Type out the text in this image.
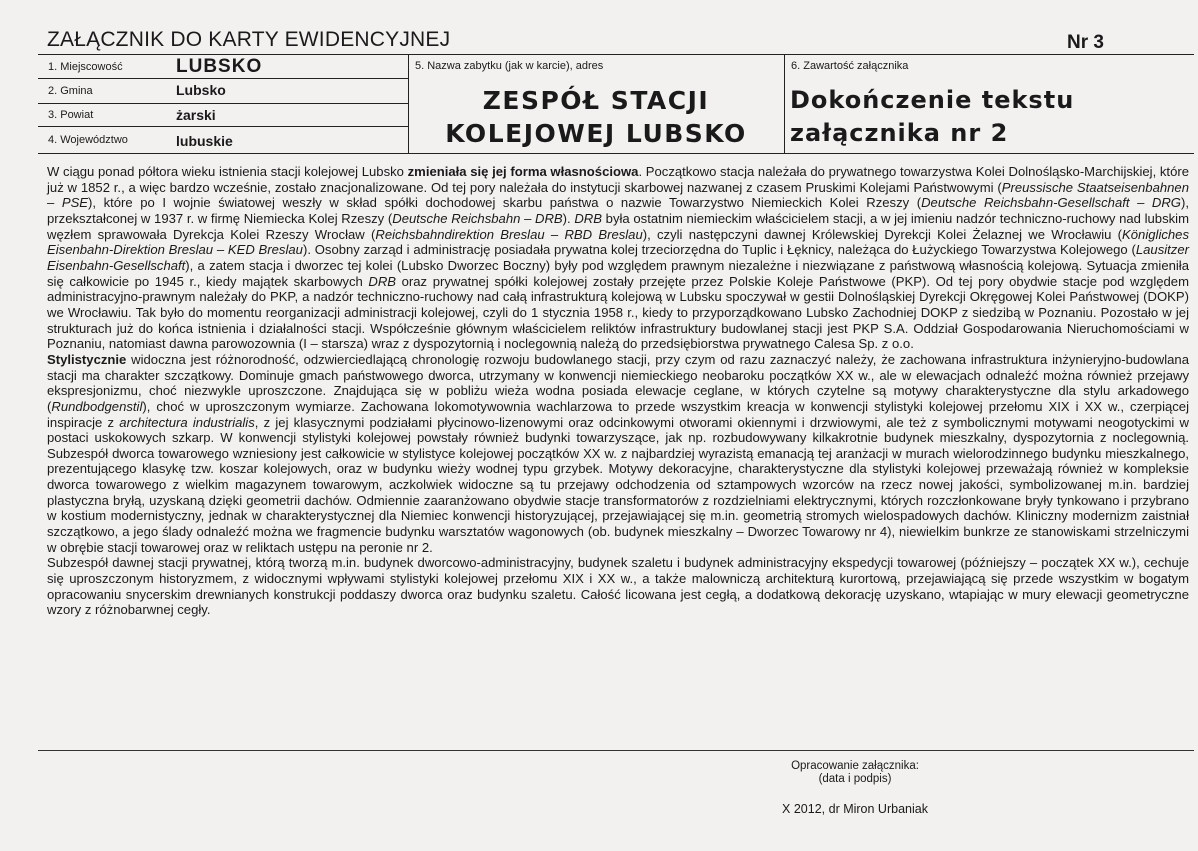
ZAŁĄCZNIK DO KARTY EWIDENCYJNEJ	Nr 3
1. Miejscowość	LUBSKO
2. Gmina	Lubsko
3. Powiat	żarski
4. Województwo	lubuskie
5. Nazwa zabytku (jak w karcie), adres
ZESPÓŁ STACJI
KOLEJOWEJ LUBSKO
6. Zawartość załącznika
Dokończenie tekstu
załącznika nr 2

W ciągu ponad półtora wieku istnienia stacji kolejowej Lubsko zmieniała się jej forma własnościowa. Początkowo stacja należała do prywatnego towarzystwa Kolei Dolnośląsko-Marchijskiej, które już w 1852 r., a więc bardzo wcześnie, zostało znacjonalizowane. Od tej pory należała do instytucji skarbowej nazwanej z czasem Pruskimi Kolejami Państwowymi (Preussische Staatseisenbahnen – PSE), które po I wojnie światowej weszły w skład spółki dochodowej skarbu państwa o nazwie Towarzystwo Niemieckich Kolei Rzeszy (Deutsche Reichsbahn-Gesellschaft – DRG), przekształconej w 1937 r. w firmę Niemiecka Kolej Rzeszy (Deutsche Reichsbahn – DRB). DRB była ostatnim niemieckim właścicielem stacji, a w jej imieniu nadzór techniczno-ruchowy nad lubskim węzłem sprawowała Dyrekcja Kolei Rzeszy Wrocław (Reichsbahndirektion Breslau – RBD Breslau), czyli następczyni dawnej Królewskiej Dyrekcji Kolei Żelaznej we Wrocławiu (Königliches Eisenbahn-Direktion Breslau – KED Breslau). Osobny zarząd i administrację posiadała prywatna kolej trzeciorzędna do Tuplic i Łęknicy, należąca do Łużyckiego Towarzystwa Kolejowego (Lausitzer Eisenbahn-Gesellschaft), a zatem stacja i dworzec tej kolei (Lubsko Dworzec Boczny) były pod względem prawnym niezależne i niezwiązane z państwową własnością kolejową. Sytuacja zmieniła się całkowicie po 1945 r., kiedy majątek skarbowych DRB oraz prywatnej spółki kolejowej zostały przejęte przez Polskie Koleje Państwowe (PKP). Od tej pory obydwie stacje pod względem administracyjno-prawnym należały do PKP, a nadzór techniczno-ruchowy nad całą infrastrukturą kolejową w Lubsku spoczywał w gestii Dolnośląskiej Dyrekcji Okręgowej Kolei Państwowej (DOKP) we Wrocławiu. Tak było do momentu reorganizacji administracji kolejowej, czyli do 1 stycznia 1958 r., kiedy to przyporządkowano Lubsko Zachodniej DOKP z siedzibą w Poznaniu. Pozostało w jej strukturach już do końca istnienia i działalności stacji. Współcześnie głównym właścicielem reliktów infrastruktury budowlanej stacji jest PKP S.A. Oddział Gospodarowania Nieruchomościami w Poznaniu, natomiast dawna parowozownia (I – starsza) wraz z dyspozytornią i noclegownią należą do przedsiębiorstwa prywatnego Calesa Sp. z o.o.

Stylistycznie widoczna jest różnorodność, odzwierciedlającą chronologię rozwoju budowlanego stacji, przy czym od razu zaznaczyć należy, że zachowana infrastruktura inżynieryjno-budowlana stacji ma charakter szczątkowy. Dominuje gmach państwowego dworca, utrzymany w konwencji niemieckiego neobaroku początków XX w., ale w elewacjach odnaleźć można również przejawy ekspresjonizmu, choć niezwykle uproszczone. Znajdująca się w pobliżu wieża wodna posiada elewacje ceglane, w których czytelne są motywy charakterystyczne dla stylu arkadowego (Rundbodgenstil), choć w uproszczonym wymiarze. Zachowana lokomotywownia wachlarzowa to przede wszystkim kreacja w konwencji stylistyki kolejowej przełomu XIX i XX w., czerpiącej inspiracje z architectura industrialis, z jej klasycznymi podziałami płycinowo-lizenowymi oraz odcinkowymi otworami okiennymi i drzwiowymi, ale też z symbolicznymi motywami neogotyckimi w postaci uskokowych szkarp. W konwencji stylistyki kolejowej powstały również budynki towarzyszące, jak np. rozbudowywany kilkakrotnie budynek mieszkalny, dyspozytornia z noclegownią. Subzespół dworca towarowego wzniesiony jest całkowicie w stylistyce kolejowej początków XX w. z najbardziej wyrazistą emanacją tej aranżacji w murach wielorodzinnego budynku mieszkalnego, prezentującego klasykę tzw. koszar kolejowych, oraz w budynku wieży wodnej typu grzybek. Motywy dekoracyjne, charakterystyczne dla stylistyki kolejowej przeważają również w kompleksie dworca towarowego z wielkim magazynem towarowym, aczkolwiek widoczne są tu przejawy odchodzenia od sztampowych wzorców na rzecz nowej jakości, symbolizowanej m.in. bardziej plastyczna bryłą, uzyskaną dzięki geometrii dachów. Odmiennie zaaranżowano obydwie stacje transformatorów z rozdzielniami elektrycznymi, których rozczłonkowane bryły tynkowano i przybrano w kostium modernistyczny, jednak w charakterystycznej dla Niemiec konwencji historyzującej, przejawiającej się m.in. geometrią stromych wielospadowych dachów. Kliniczny modernizm zaistniał szczątkowo, a jego ślady odnaleźć można we fragmencie budynku warsztatów wagonowych (ob. budynek mieszkalny – Dworzec Towarowy nr 4), niewielkim bunkrze ze stanowiskami strzelniczymi w obrębie stacji towarowej oraz w reliktach ustępu na peronie nr 2.

Subzespół dawnej stacji prywatnej, którą tworzą m.in. budynek dworcowo-administracyjny, budynek szaletu i budynek administracyjny ekspedycji towarowej (późniejszy – początek XX w.), cechuje się uproszczonym historyzmem, z widocznymi wpływami stylistyki kolejowej przełomu XIX i XX w., a także malowniczą architekturą kurortową, przejawiającą się przede wszystkim w bogatym opracowaniu snycerskim drewnianych konstrukcji poddaszy dworca oraz budynku szaletu. Całość licowana jest cegłą, a dodatkową dekorację uzyskano, wtapiając w mury elewacji geometryczne wzory z różnobarwnej cegły.

Opracowanie załącznika:
(data i podpis)
X 2012, dr Miron Urbaniak
